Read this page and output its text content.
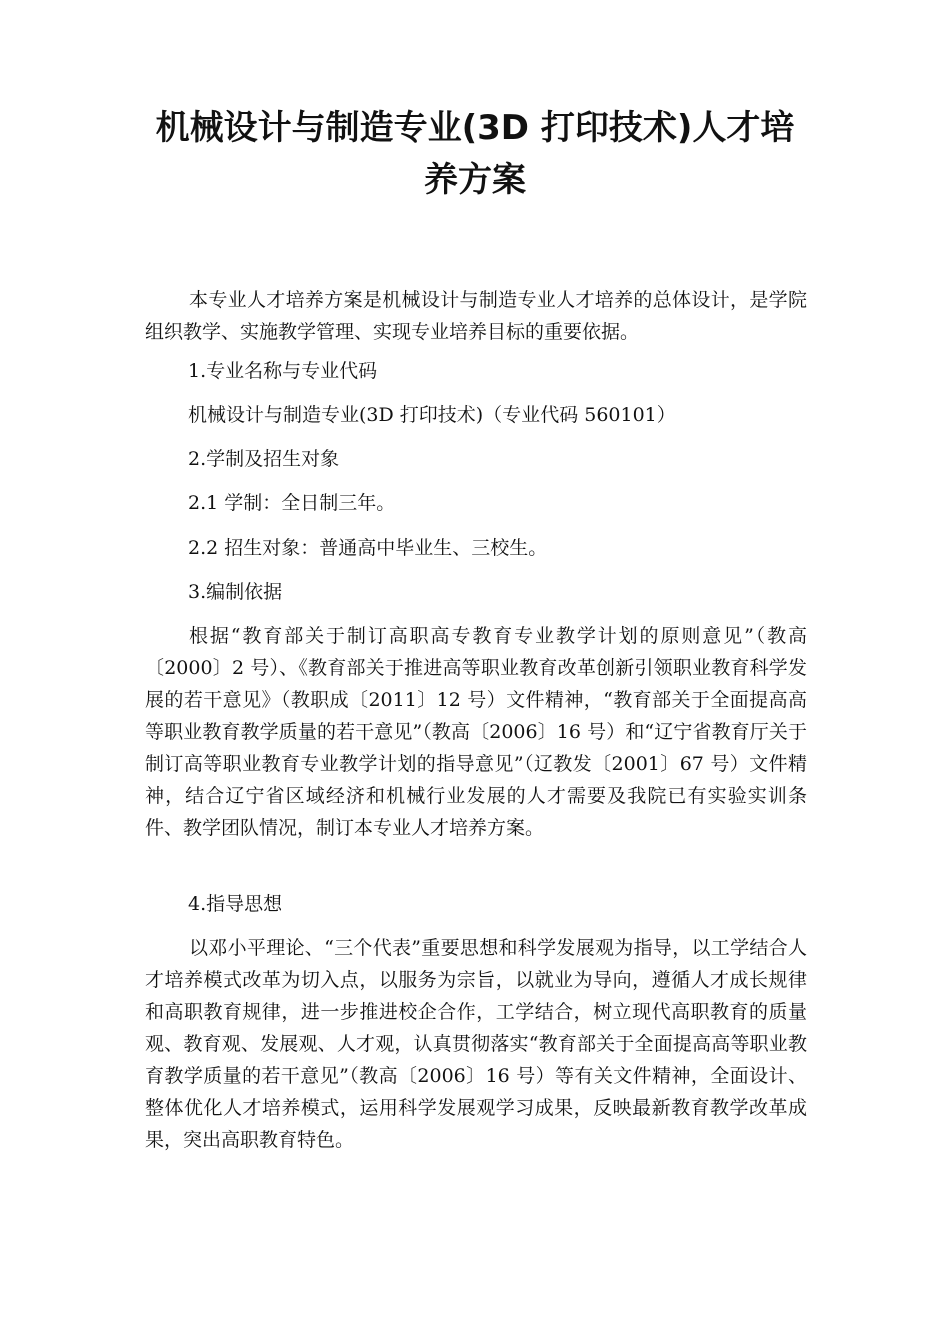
机械设计与制造专业(3D 打印技术)人才培养方案

本专业人才培养方案是机械设计与制造专业人才培养的总体设计，是学院组织教学、实施教学管理、实现专业培养目标的重要依据。

1.专业名称与专业代码

机械设计与制造专业(3D 打印技术)（专业代码 560101）

2.学制及招生对象

2.1 学制：全日制三年。

2.2 招生对象：普通高中毕业生、三校生。

3.编制依据

根据“教育部关于制订高职高专教育专业教学计划的原则意见”（教高〔2000〕2 号）、《教育部关于推进高等职业教育改革创新引领职业教育科学发展的若干意见》（教职成〔2011〕12 号）文件精神，“教育部关于全面提高高等职业教育教学质量的若干意见”（教高〔2006〕16 号）和“辽宁省教育厅关于制订高等职业教育专业教学计划的指导意见”（辽教发〔2001〕67 号）文件精神，结合辽宁省区域经济和机械行业发展的人才需要及我院已有实验实训条件、教学团队情况，制订本专业人才培养方案。

4.指导思想

以邓小平理论、“三个代表”重要思想和科学发展观为指导，以工学结合人才培养模式改革为切入点，以服务为宗旨，以就业为导向，遵循人才成长规律和高职教育规律，进一步推进校企合作，工学结合，树立现代高职教育的质量观、教育观、发展观、人才观，认真贯彻落实“教育部关于全面提高高等职业教育教学质量的若干意见”（教高〔2006〕16 号）等有关文件精神，全面设计、整体优化人才培养模式，运用科学发展观学习成果，反映最新教育教学改革成果，突出高职教育特色。
